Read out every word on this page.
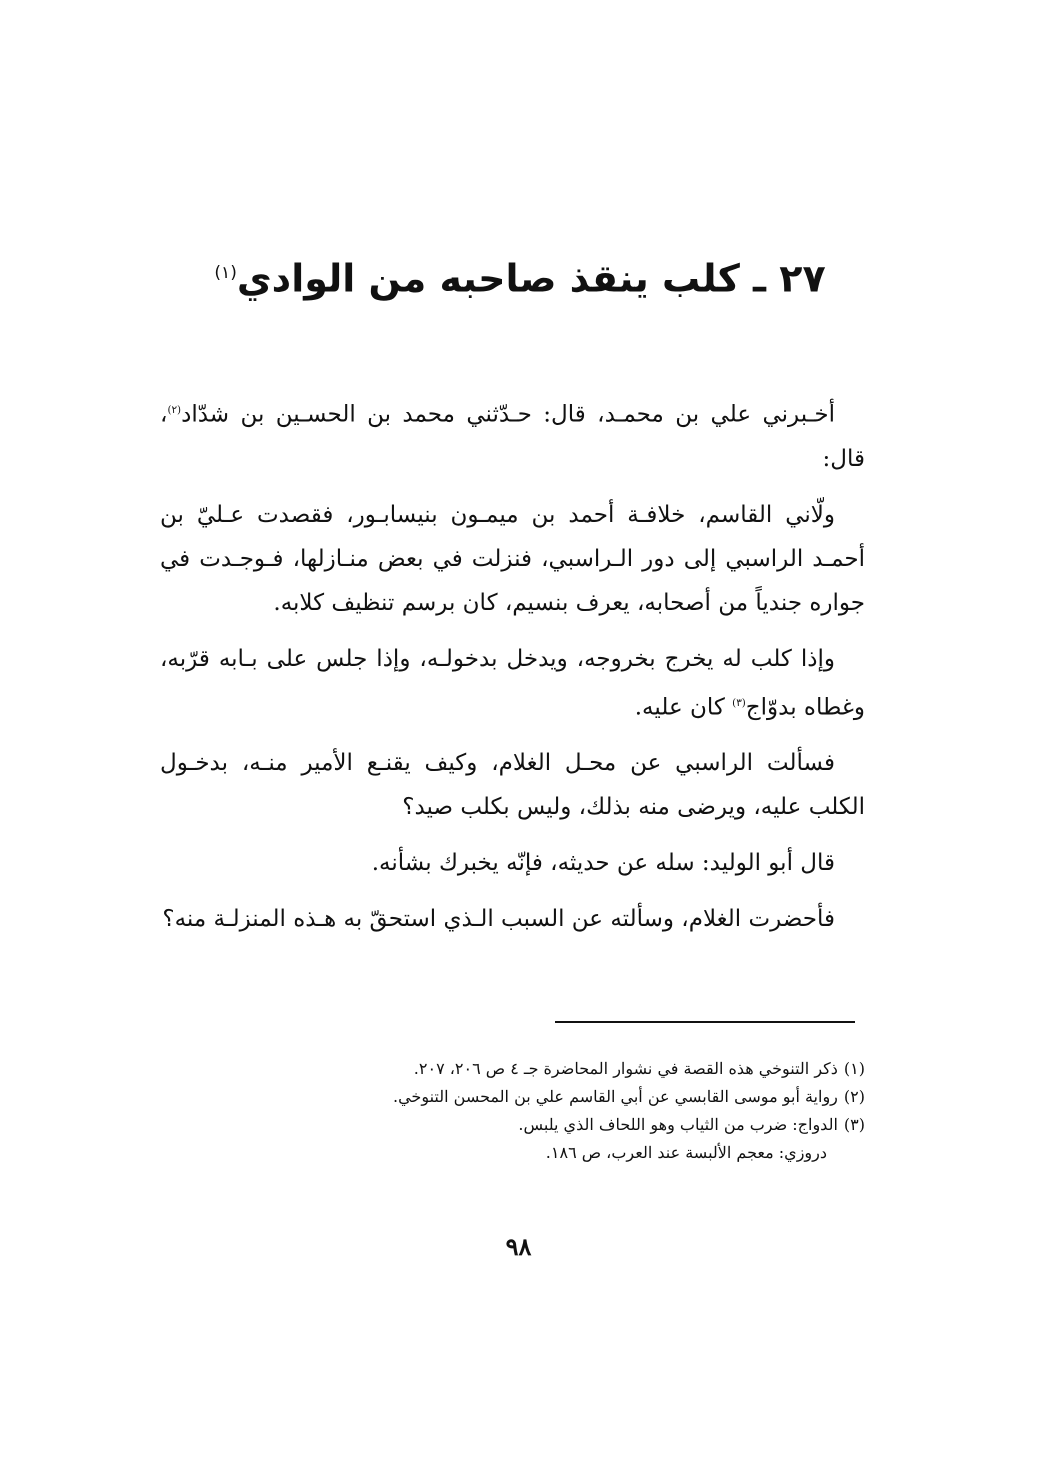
٢٧ ـ كلب ينقذ صاحبه من الوادي$^{(١)}$

أخـبرني علي بن محمـد، قال: حـدّثني محمد بن الحسـين بن شدّاد$^{(٢)}$، قال:

ولّاني القاسم، خلافـة أحمد بن ميمـون بنيسابـور، فقصدت عـليّ بن أحمـد الراسبي إلى دور الـراسبي، فنزلت في بعض منـازلها، فـوجـدت في جواره جندياً من أصحابه، يعرف بنسيم، كان برسم تنظيف كلابه.

وإذا كلب له يخرج بخروجه، ويدخل بدخولـه، وإذا جلس على بـابه قرّبه، وغطاه بدوّاج$^{(٣)}$ كان عليه.

فسألت الراسبي عن محـل الغلام، وكيف يقنـع الأمير منـه، بدخـول الكلب عليه، ويرضى منه بذلك، وليس بكلب صيد؟

قال أبو الوليد: سله عن حديثه، فإنّه يخبرك بشأنه.

فأحضرت الغلام، وسألته عن السبب الـذي استحقّ به هـذه المنزلـة منه؟

(١)ذكر التنوخي هذه القصة في نشوار المحاضرة جـ ٤ ص ٢٠٦، ٢٠٧.

(٢)رواية أبو موسى القابسي عن أبي القاسم علي بن المحسن التنوخي.

(٣)الدواج: ضرب من الثياب وهو اللحاف الذي يلبس.

دروزي: معجم الألبسة عند العرب، ص ١٨٦.

٩٨
